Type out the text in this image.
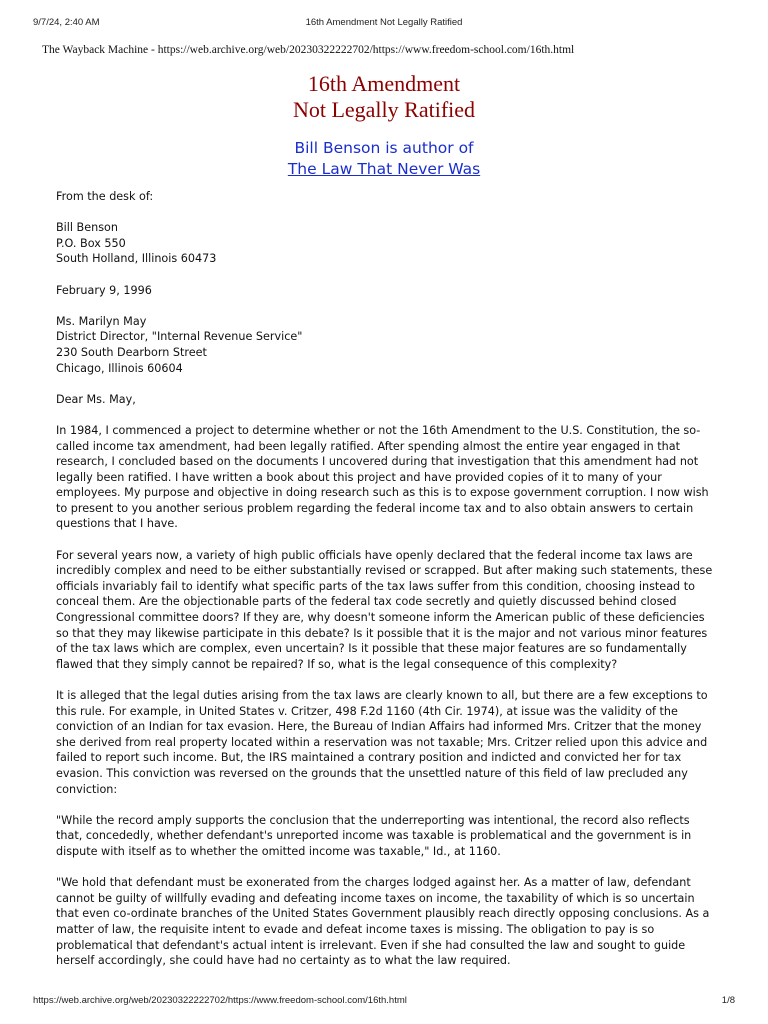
9/7/24, 2:40 AM	16th Amendment Not Legally Ratified
The Wayback Machine - https://web.archive.org/web/20230322222702/https://www.freedom-school.com/16th.html
16th Amendment
Not Legally Ratified
Bill Benson is author of
The Law That Never Was

From the desk of:

Bill Benson
P.O. Box 550
South Holland, Illinois 60473

February 9, 1996

Ms. Marilyn May
District Director, "Internal Revenue Service"
230 South Dearborn Street
Chicago, Illinois 60604

Dear Ms. May,

In 1984, I commenced a project to determine whether or not the 16th Amendment to the U.S. Constitution, the so-called income tax amendment, had been legally ratified. After spending almost the entire year engaged in that research, I concluded based on the documents I uncovered during that investigation that this amendment had not legally been ratified. I have written a book about this project and have provided copies of it to many of your employees. My purpose and objective in doing research such as this is to expose government corruption. I now wish to present to you another serious problem regarding the federal income tax and to also obtain answers to certain questions that I have.

For several years now, a variety of high public officials have openly declared that the federal income tax laws are incredibly complex and need to be either substantially revised or scrapped. But after making such statements, these officials invariably fail to identify what specific parts of the tax laws suffer from this condition, choosing instead to conceal them. Are the objectionable parts of the federal tax code secretly and quietly discussed behind closed Congressional committee doors? If they are, why doesn't someone inform the American public of these deficiencies so that they may likewise participate in this debate? Is it possible that it is the major and not various minor features of the tax laws which are complex, even uncertain? Is it possible that these major features are so fundamentally flawed that they simply cannot be repaired? If so, what is the legal consequence of this complexity?

It is alleged that the legal duties arising from the tax laws are clearly known to all, but there are a few exceptions to this rule. For example, in United States v. Critzer, 498 F.2d 1160 (4th Cir. 1974), at issue was the validity of the conviction of an Indian for tax evasion. Here, the Bureau of Indian Affairs had informed Mrs. Critzer that the money she derived from real property located within a reservation was not taxable; Mrs. Critzer relied upon this advice and failed to report such income. But, the IRS maintained a contrary position and indicted and convicted her for tax evasion. This conviction was reversed on the grounds that the unsettled nature of this field of law precluded any conviction:

"While the record amply supports the conclusion that the underreporting was intentional, the record also reflects that, concededly, whether defendant's unreported income was taxable is problematical and the government is in dispute with itself as to whether the omitted income was taxable," Id., at 1160.

"We hold that defendant must be exonerated from the charges lodged against her. As a matter of law, defendant cannot be guilty of willfully evading and defeating income taxes on income, the taxability of which is so uncertain that even co-ordinate branches of the United States Government plausibly reach directly opposing conclusions. As a matter of law, the requisite intent to evade and defeat income taxes is missing. The obligation to pay is so problematical that defendant's actual intent is irrelevant. Even if she had consulted the law and sought to guide herself accordingly, she could have had no certainty as to what the law required.

https://web.archive.org/web/20230322222702/https://www.freedom-school.com/16th.html	1/8
